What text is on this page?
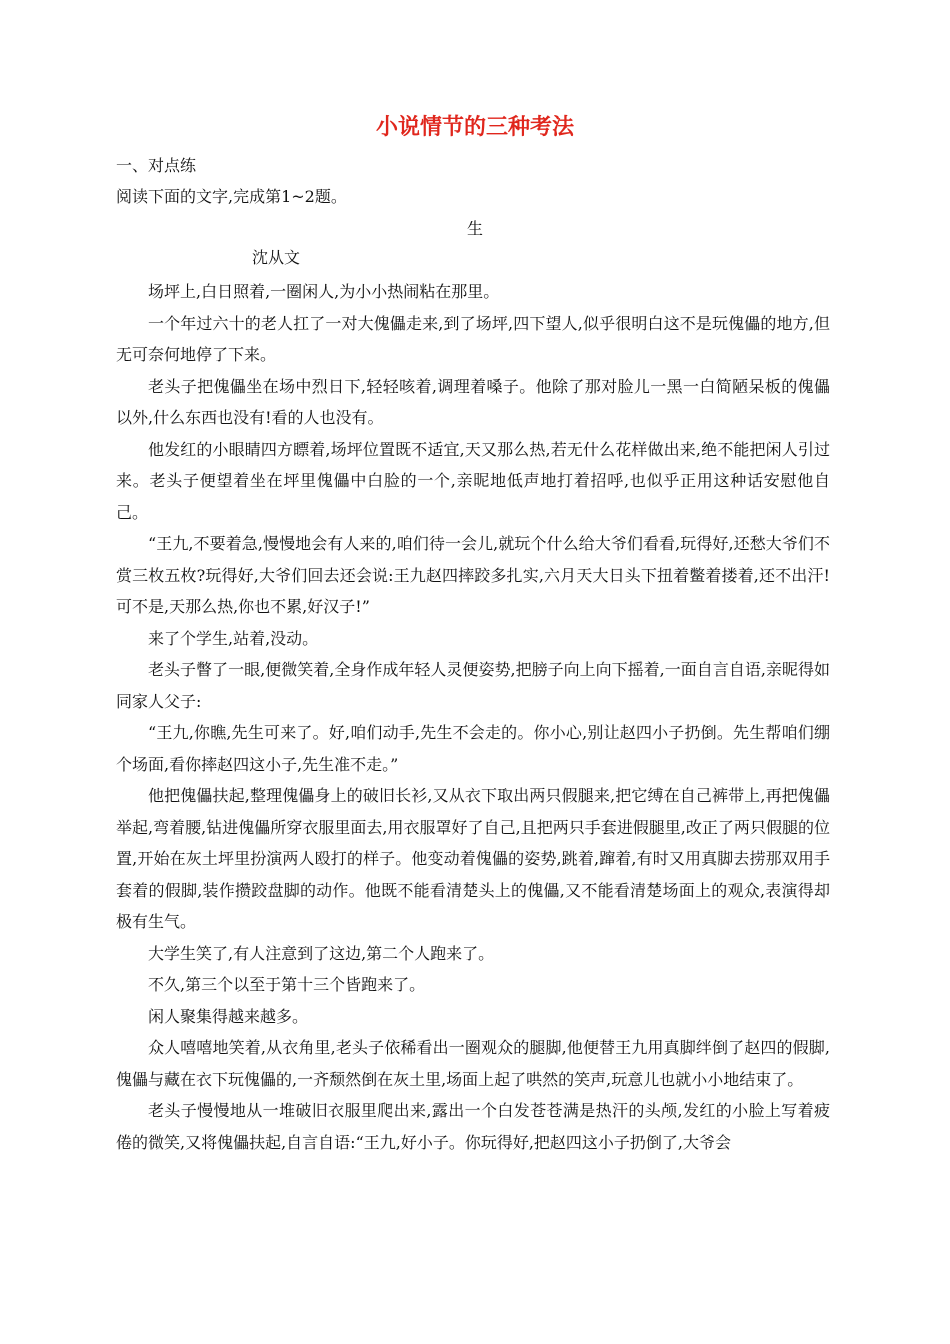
小说情节的三种考法
一、对点练
阅读下面的文字,完成第1~2题。
生
沈从文

场坪上,白日照着,一圈闲人,为小小热闹粘在那里。

一个年过六十的老人扛了一对大傀儡走来,到了场坪,四下望人,似乎很明白这不是玩傀儡的地方,但无可奈何地停了下来。

老头子把傀儡坐在场中烈日下,轻轻咳着,调理着嗓子。他除了那对脸儿一黑一白简陋呆板的傀儡以外,什么东西也没有!看的人也没有。

他发红的小眼睛四方瞟着,场坪位置既不适宜,天又那么热,若无什么花样做出来,绝不能把闲人引过来。老头子便望着坐在坪里傀儡中白脸的一个,亲昵地低声地打着招呼,也似乎正用这种话安慰他自己。

“王九,不要着急,慢慢地会有人来的,咱们待一会儿,就玩个什么给大爷们看看,玩得好,还愁大爷们不赏三枚五枚?玩得好,大爷们回去还会说:王九赵四摔跤多扎实,六月天大日头下扭着鳖着搂着,还不出汗!可不是,天那么热,你也不累,好汉子!”

来了个学生,站着,没动。

老头子瞥了一眼,便微笑着,全身作成年轻人灵便姿势,把膀子向上向下摇着,一面自言自语,亲昵得如同家人父子:

“王九,你瞧,先生可来了。好,咱们动手,先生不会走的。你小心,别让赵四小子扔倒。先生帮咱们绷个场面,看你摔赵四这小子,先生准不走。”

他把傀儡扶起,整理傀儡身上的破旧长衫,又从衣下取出两只假腿来,把它缚在自己裤带上,再把傀儡举起,弯着腰,钻进傀儡所穿衣服里面去,用衣服罩好了自己,且把两只手套进假腿里,改正了两只假腿的位置,开始在灰土坪里扮演两人殴打的样子。他变动着傀儡的姿势,跳着,蹿着,有时又用真脚去捞那双用手套着的假脚,装作攒跤盘脚的动作。他既不能看清楚头上的傀儡,又不能看清楚场面上的观众,表演得却极有生气。

大学生笑了,有人注意到了这边,第二个人跑来了。

不久,第三个以至于第十三个皆跑来了。

闲人聚集得越来越多。

众人嘻嘻地笑着,从衣角里,老头子依稀看出一圈观众的腿脚,他便替王九用真脚绊倒了赵四的假脚,傀儡与藏在衣下玩傀儡的,一齐颓然倒在灰土里,场面上起了哄然的笑声,玩意儿也就小小地结束了。

老头子慢慢地从一堆破旧衣服里爬出来,露出一个白发苍苍满是热汗的头颅,发红的小脸上写着疲倦的微笑,又将傀儡扶起,自言自语:“王九,好小子。你玩得好,把赵四这小子扔倒了,大爷会
